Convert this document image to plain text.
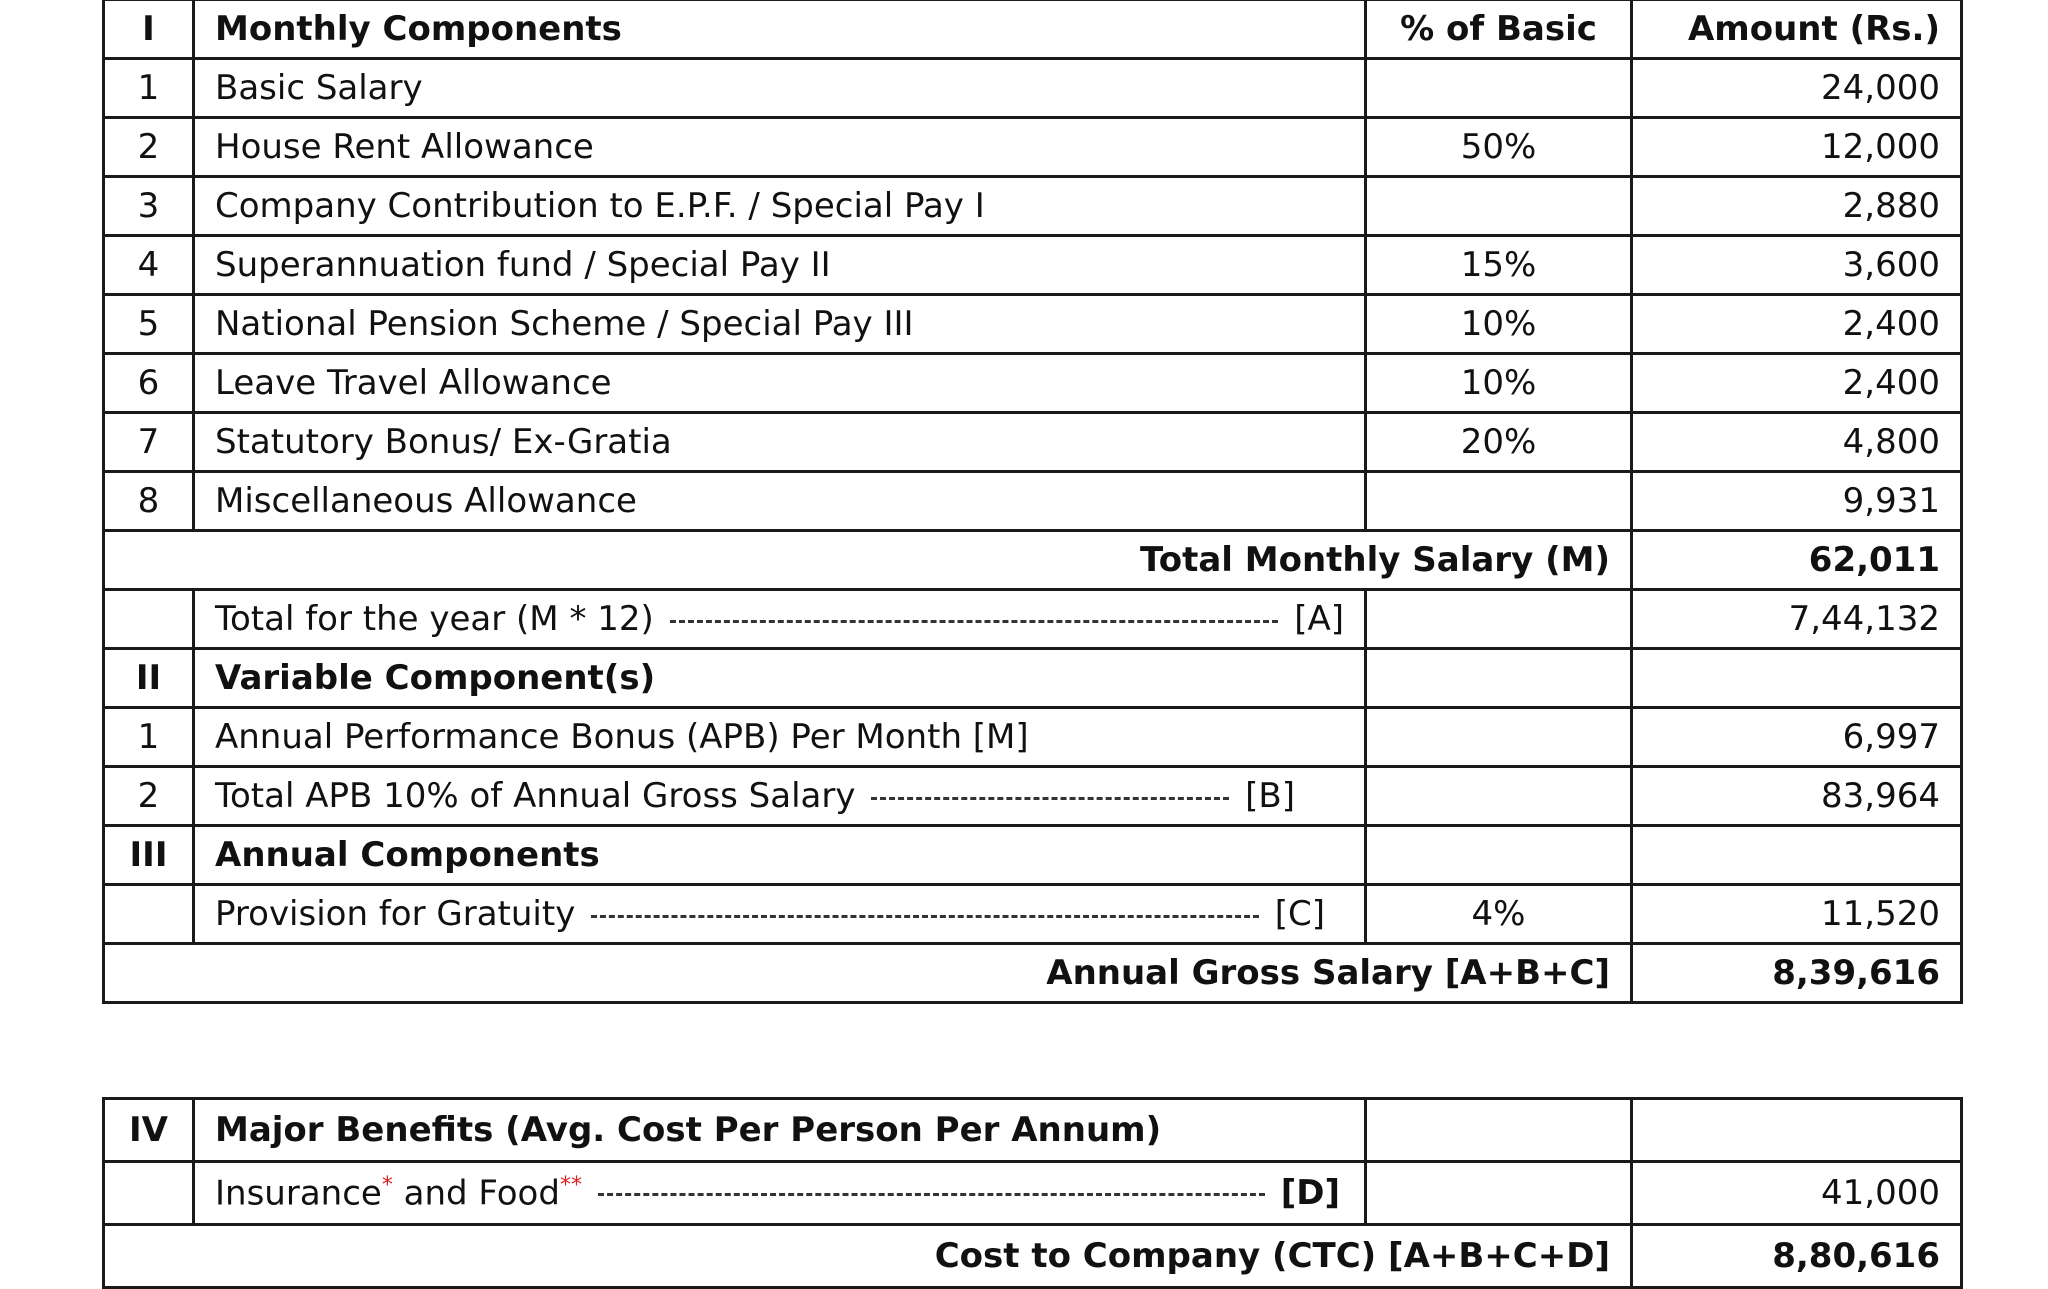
I	Monthly Components	% of Basic	Amount (Rs.)
1	Basic Salary		24,000
2	House Rent Allowance	50%	12,000
3	Company Contribution to E.P.F. / Special Pay I		2,880
4	Superannuation fund / Special Pay II	15%	3,600
5	National Pension Scheme / Special Pay III	10%	2,400
6	Leave Travel Allowance	10%	2,400
7	Statutory Bonus/ Ex-Gratia	20%	4,800
8	Miscellaneous Allowance		9,931
Total Monthly Salary (M)			62,011

	Total for the year (M * 12) [A]		7,44,132
II	Variable Component(s)		
1	Annual Performance Bonus (APB) Per Month [M]		6,997
2	Total APB 10% of Annual Gross Salary [B]		83,964
III	Annual Components		

	Provision for Gratuity [C]	4%	11,520
Annual Gross Salary [A+B+C]			8,39,616
IV	Major Benefits (Avg. Cost Per Person Per Annum)		

	Insurance* and Food** [D]		41,000
Cost to Company (CTC) [A+B+C+D]			8,80,616
